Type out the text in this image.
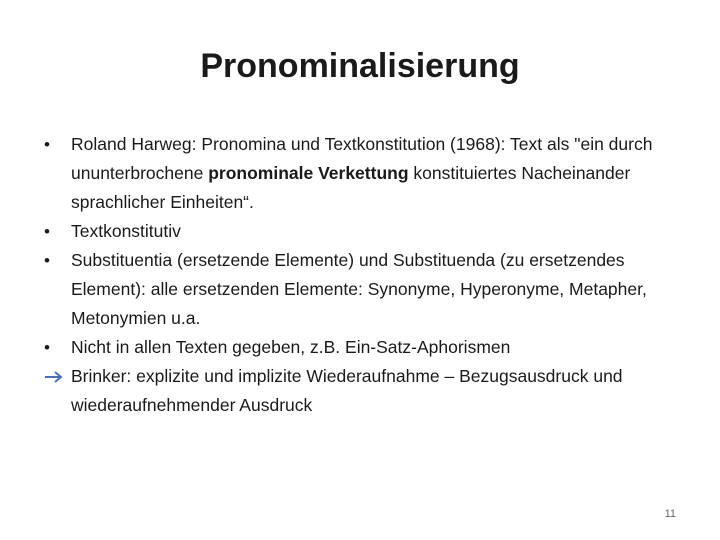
Pronominalisierung
•	Roland Harweg: Pronomina und Textkonstitution (1968): Text als "ein durch ununterbrochene pronominale Verkettung konstituiertes Nacheinander sprachlicher Einheiten“.
•	Textkonstitutiv
•	Substituentia (ersetzende Elemente) und Substituenda (zu ersetzendes Element): alle ersetzenden Elemente: Synonyme, Hyperonyme, Metapher, Metonymien u.a.
•	Nicht in allen Texten gegeben, z.B. Ein-Satz-Aphorismen
Brinker: explizite und implizite Wiederaufnahme – Bezugsausdruck und wiederaufnehmender Ausdruck
11
